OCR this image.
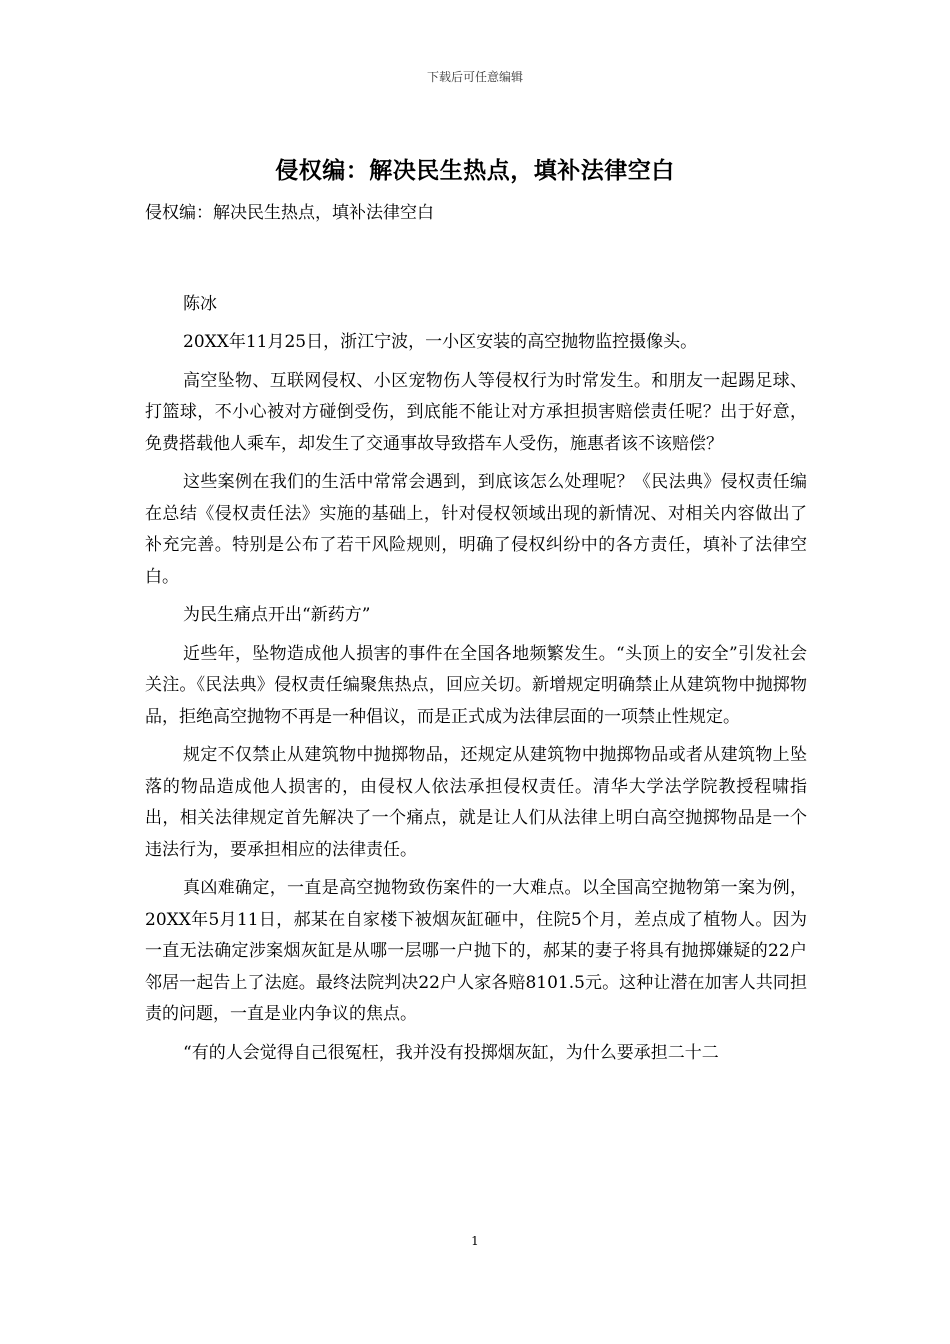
下载后可任意编辑
侵权编：解决民生热点，填补法律空白

侵权编：解决民生热点，填补法律空白

陈冰

20XX年11月25日，浙江宁波，一小区安装的高空抛物监控摄像头。

高空坠物、互联网侵权、小区宠物伤人等侵权行为时常发生。和朋友一起踢足球、打篮球，不小心被对方碰倒受伤，到底能不能让对方承担损害赔偿责任呢？出于好意，免费搭载他人乘车，却发生了交通事故导致搭车人受伤，施惠者该不该赔偿？

这些案例在我们的生活中常常会遇到，到底该怎么处理呢？《民法典》侵权责任编在总结《侵权责任法》实施的基础上，针对侵权领域出现的新情况、对相关内容做出了补充完善。特别是公布了若干风险规则，明确了侵权纠纷中的各方责任，填补了法律空白。

为民生痛点开出“新药方”

近些年，坠物造成他人损害的事件在全国各地频繁发生。“头顶上的安全”引发社会关注。《民法典》侵权责任编聚焦热点，回应关切。新增规定明确禁止从建筑物中抛掷物品，拒绝高空抛物不再是一种倡议，而是正式成为法律层面的一项禁止性规定。

规定不仅禁止从建筑物中抛掷物品，还规定从建筑物中抛掷物品或者从建筑物上坠落的物品造成他人损害的，由侵权人依法承担侵权责任。清华大学法学院教授程啸指出，相关法律规定首先解决了一个痛点，就是让人们从法律上明白高空抛掷物品是一个违法行为，要承担相应的法律责任。

真凶难确定，一直是高空抛物致伤案件的一大难点。以全国高空抛物第一案为例，20XX年5月11日，郝某在自家楼下被烟灰缸砸中，住院5个月，差点成了植物人。因为一直无法确定涉案烟灰缸是从哪一层哪一户抛下的，郝某的妻子将具有抛掷嫌疑的22户邻居一起告上了法庭。最终法院判决22户人家各赔8101.5元。这种让潜在加害人共同担责的问题，一直是业内争议的焦点。

“有的人会觉得自己很冤枉，我并没有投掷烟灰缸，为什么要承担二十二

1
